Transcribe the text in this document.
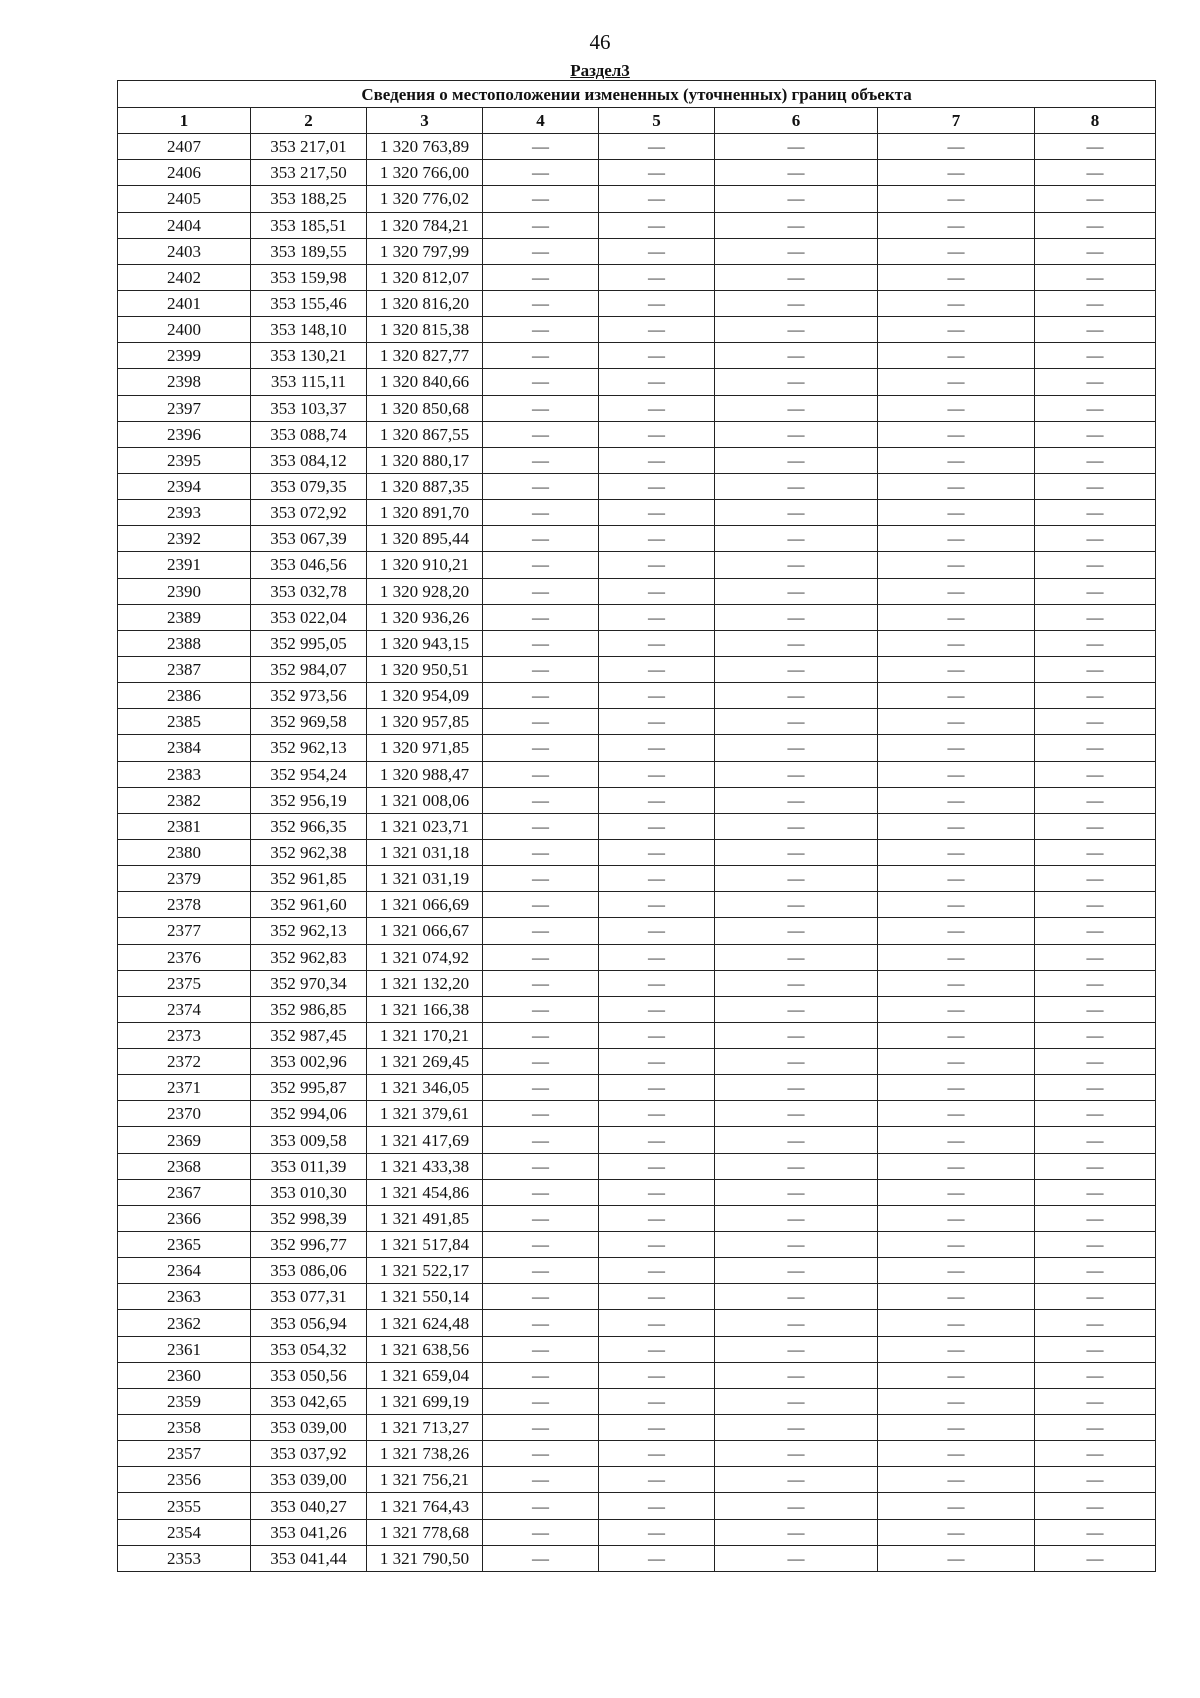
46
Раздел3
Сведения о местоположении измененных (уточненных) границ объекта							
1	2	3	4	5	6	7	8
2407	353 217,01	1 320 763,89	—	—	—	—	—
2406	353 217,50	1 320 766,00	—	—	—	—	—
2405	353 188,25	1 320 776,02	—	—	—	—	—
2404	353 185,51	1 320 784,21	—	—	—	—	—
2403	353 189,55	1 320 797,99	—	—	—	—	—
2402	353 159,98	1 320 812,07	—	—	—	—	—
2401	353 155,46	1 320 816,20	—	—	—	—	—
2400	353 148,10	1 320 815,38	—	—	—	—	—
2399	353 130,21	1 320 827,77	—	—	—	—	—
2398	353 115,11	1 320 840,66	—	—	—	—	—
2397	353 103,37	1 320 850,68	—	—	—	—	—
2396	353 088,74	1 320 867,55	—	—	—	—	—
2395	353 084,12	1 320 880,17	—	—	—	—	—
2394	353 079,35	1 320 887,35	—	—	—	—	—
2393	353 072,92	1 320 891,70	—	—	—	—	—
2392	353 067,39	1 320 895,44	—	—	—	—	—
2391	353 046,56	1 320 910,21	—	—	—	—	—
2390	353 032,78	1 320 928,20	—	—	—	—	—
2389	353 022,04	1 320 936,26	—	—	—	—	—
2388	352 995,05	1 320 943,15	—	—	—	—	—
2387	352 984,07	1 320 950,51	—	—	—	—	—
2386	352 973,56	1 320 954,09	—	—	—	—	—
2385	352 969,58	1 320 957,85	—	—	—	—	—
2384	352 962,13	1 320 971,85	—	—	—	—	—
2383	352 954,24	1 320 988,47	—	—	—	—	—
2382	352 956,19	1 321 008,06	—	—	—	—	—
2381	352 966,35	1 321 023,71	—	—	—	—	—
2380	352 962,38	1 321 031,18	—	—	—	—	—
2379	352 961,85	1 321 031,19	—	—	—	—	—
2378	352 961,60	1 321 066,69	—	—	—	—	—
2377	352 962,13	1 321 066,67	—	—	—	—	—
2376	352 962,83	1 321 074,92	—	—	—	—	—
2375	352 970,34	1 321 132,20	—	—	—	—	—
2374	352 986,85	1 321 166,38	—	—	—	—	—
2373	352 987,45	1 321 170,21	—	—	—	—	—
2372	353 002,96	1 321 269,45	—	—	—	—	—
2371	352 995,87	1 321 346,05	—	—	—	—	—
2370	352 994,06	1 321 379,61	—	—	—	—	—
2369	353 009,58	1 321 417,69	—	—	—	—	—
2368	353 011,39	1 321 433,38	—	—	—	—	—
2367	353 010,30	1 321 454,86	—	—	—	—	—
2366	352 998,39	1 321 491,85	—	—	—	—	—
2365	352 996,77	1 321 517,84	—	—	—	—	—
2364	353 086,06	1 321 522,17	—	—	—	—	—
2363	353 077,31	1 321 550,14	—	—	—	—	—
2362	353 056,94	1 321 624,48	—	—	—	—	—
2361	353 054,32	1 321 638,56	—	—	—	—	—
2360	353 050,56	1 321 659,04	—	—	—	—	—
2359	353 042,65	1 321 699,19	—	—	—	—	—
2358	353 039,00	1 321 713,27	—	—	—	—	—
2357	353 037,92	1 321 738,26	—	—	—	—	—
2356	353 039,00	1 321 756,21	—	—	—	—	—
2355	353 040,27	1 321 764,43	—	—	—	—	—
2354	353 041,26	1 321 778,68	—	—	—	—	—
2353	353 041,44	1 321 790,50	—	—	—	—	—
